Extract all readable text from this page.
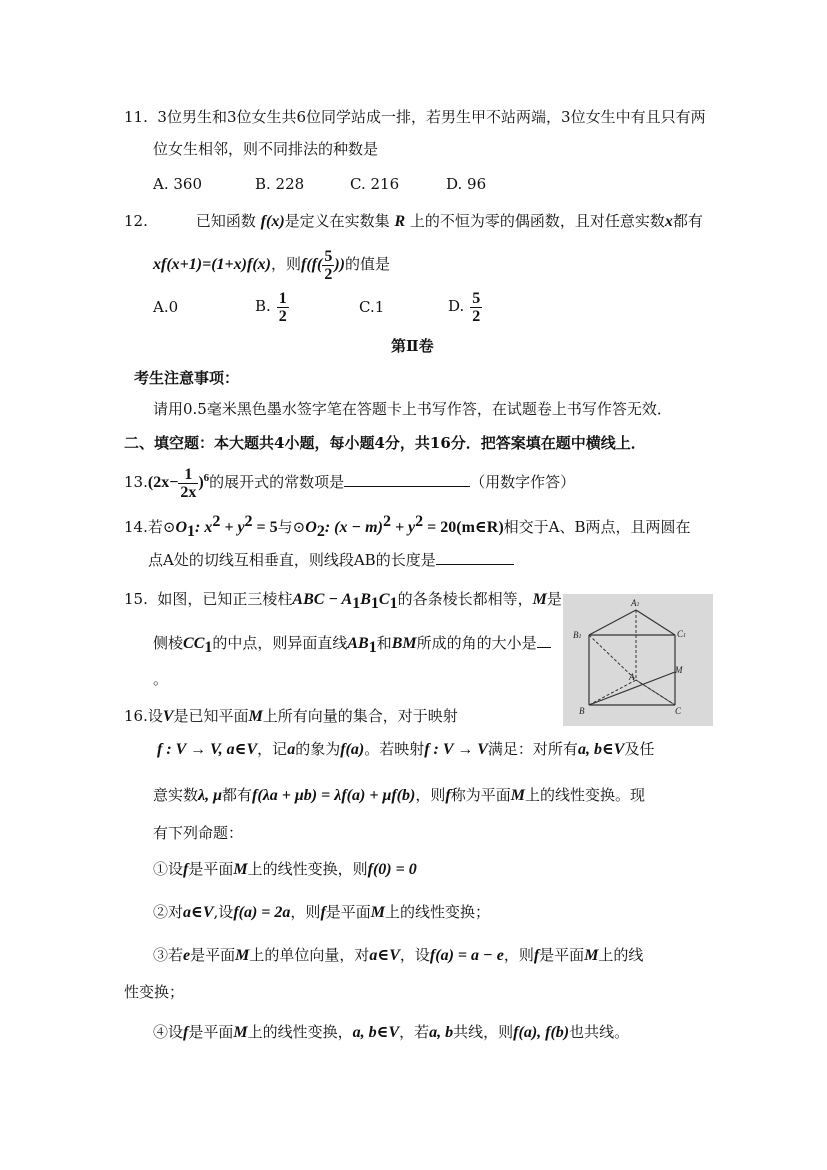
11. 3位男生和3位女生共6位同学站成一排，若男生甲不站两端，3位女生中有且只有两
位女生相邻，则不同排法的种数是
A. 360	B. 228	C. 216	D. 96
12.	已知函数 f(x)是定义在实数集 R 上的不恒为零的偶函数，且对任意实数x都有
xf(x+1)=(1+x)f(x)，则$f(f( \frac{5}{2}$ ))的值是
A.0	B. $\frac{1}{2}$	C.1	D. $\frac{5}{2}$
第Ⅱ卷
考生注意事项：
请用0.5毫米黑色墨水签字笔在答题卡上书写作答，在试题卷上书写作答无效．
二、填空题：本大题共4小题，每小题4分，共16分．把答案填在题中横线上．
$13.(2x- \frac{1}{2x} )^6$的展开式的常数项是	（用数字作答）
14.若$⊙O_1$: $x^2 + y^2 = 5$与$⊙O_2$: $(x - m)^2 + y^2$ = 20(m∈R)相交于A、B两点，且两圆在
点A处的切线互相垂直，则线段AB的长度是
15. 如图，已知正三棱柱ABC − $A_1B_1C_1$的各条棱长都相等，M是
侧棱$CC_1$的中点，则异面直线$AB_1$和BM所成的角的大小是
。
A1
B1	C1
M
A
B	C
16.设V是已知平面M上所有向量的集合，对于映射
f : V → V, a∈V，记a的象为f(a)。若映射f : V → V满足：对所有a, b∈V及任
意实数λ, μ都有f(λa + μb) = λf(a) + μf(b)，则f称为平面M上的线性变换。现
有下列命题：
①设f是平面M上的线性变换，则f(0) = 0
②对a∈V,设f(a) = 2a，则f是平面M上的线性变换；
③若e是平面M上的单位向量，对a∈V，设f(a) = a − e，则f是平面M上的线
性变换；
④设f是平面M上的线性变换，a, b∈V，若a, b共线，则f(a), f(b)也共线。
